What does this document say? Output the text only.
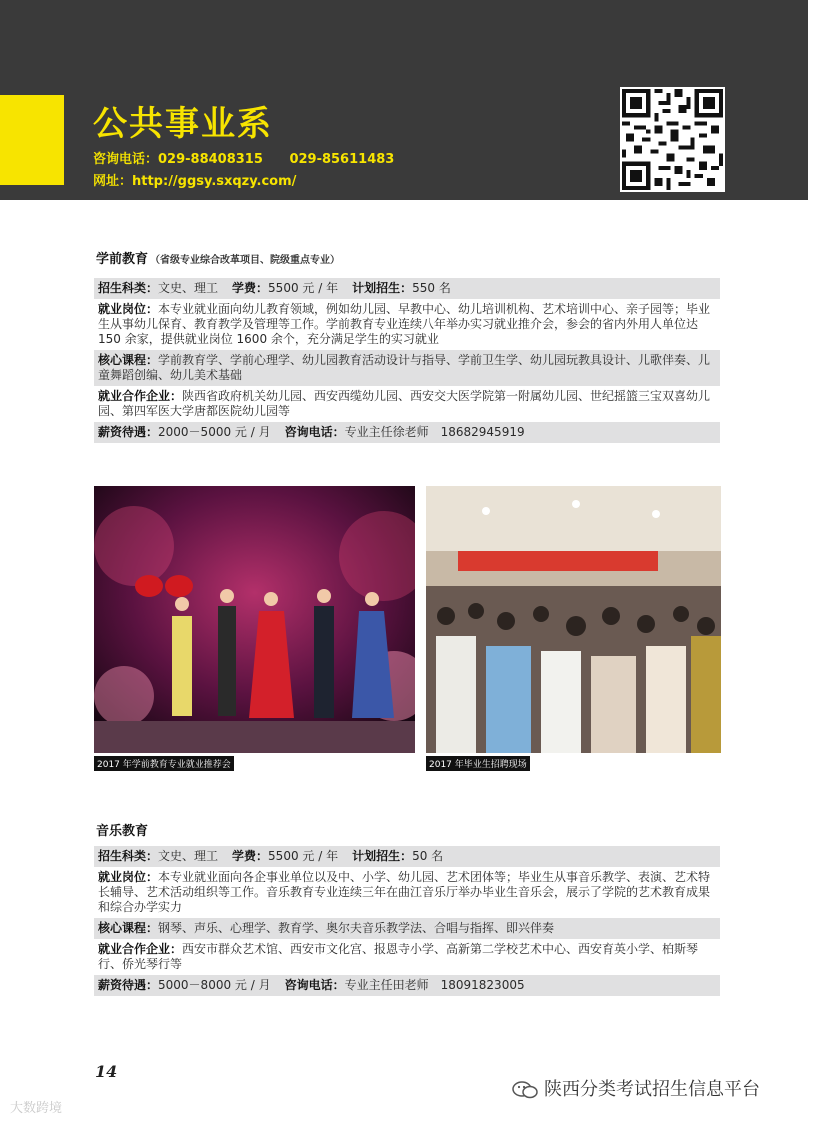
公共事业系
咨询电话：029-88408315 029-85611483
网址：http://ggsy.sxqzy.com/
学前教育 （省级专业综合改革项目、院级重点专业）
招生科类：文史、理工 学费：5500 元 / 年 计划招生：550 名
就业岗位：本专业就业面向幼儿教育领域，例如幼儿园、早教中心、幼儿培训机构、艺术培训中心、亲子园等；毕业生从事幼儿保育、教育教学及管理等工作。学前教育专业连续八年举办实习就业推介会，参会的省内外用人单位达 150 余家，提供就业岗位 1600 余个，充分满足学生的实习就业
核心课程：学前教育学、学前心理学、幼儿园教育活动设计与指导、学前卫生学、幼儿园玩教具设计、儿歌伴奏、儿童舞蹈创编、幼儿美术基础
就业合作企业：陕西省政府机关幼儿园、西安西缆幼儿园、西安交大医学院第一附属幼儿园、世纪摇篮三宝双喜幼儿园、第四军医大学唐都医院幼儿园等
薪资待遇：2000－5000 元 / 月 咨询电话：专业主任徐老师　18682945919
2017 年学前教育专业就业推荐会	2017 年毕业生招聘现场
音乐教育
招生科类：文史、理工 学费：5500 元 / 年 计划招生：50 名
就业岗位：本专业就业面向各企事业单位以及中、小学、幼儿园、艺术团体等；毕业生从事音乐教学、表演、艺术特长辅导、艺术活动组织等工作。音乐教育专业连续三年在曲江音乐厅举办毕业生音乐会，展示了学院的艺术教育成果和综合办学实力
核心课程：钢琴、声乐、心理学、教育学、奥尔夫音乐教学法、合唱与指挥、即兴伴奏
就业合作企业：西安市群众艺术馆、西安市文化宫、报恩寺小学、高新第二学校艺术中心、西安育英小学、柏斯琴行、侨光琴行等
薪资待遇：5000－8000 元 / 月 咨询电话：专业主任田老师　18091823005
14
陕西分类考试招生信息平台
大数跨境
